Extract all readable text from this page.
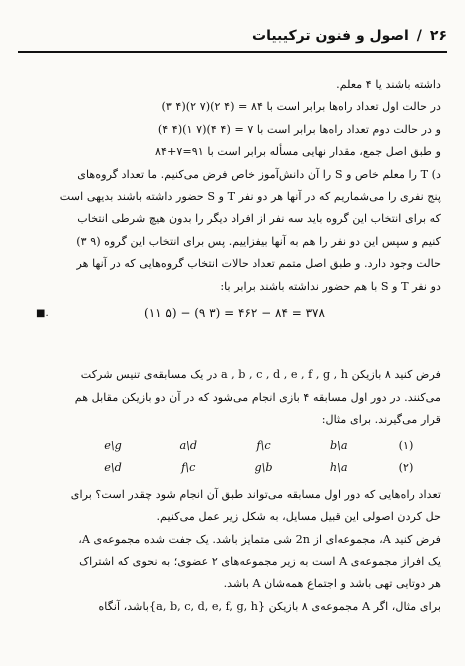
۲۶
/
اصول و فنون ترکیبیات

داشته باشند یا ۴ معلم.

در حالت اول تعداد راه‌ها برابر است با ۸۴ = (۴ ۲)(۷ ۲)(۴ ۳)

و در حالت دوم تعداد راه‌ها برابر است با ۷ = (۴ ۴)(۷ ۱)(۴ ۴)

و طبق اصل جمع، مقدار نهایی مسأله برابر است با ۹۱=۷+۸۴

د) T را معلم خاص و S را آن دانش‌آموز خاص فرض می‌کنیم. ما تعداد گروه‌های

پنج نفری را می‌شماریم که در آنها هر دو نفر T و S حضور داشته باشند بدیهی است

که برای انتخاب این گروه باید سه نفر از افراد دیگر را بدون هیچ شرطی انتخاب

کنیم و سپس این دو نفر را هم به آنها بیفزاییم. پس برای انتخاب این گروه (۹ ۳)

حالت وجود دارد. و طبق اصل متمم تعداد حالات انتخاب گروه‌هایی که در آنها هر

دو نفر T و S با هم حضور نداشته باشند برابر با:

(۱۱ ۵) − (۹ ۳) = ۴۶۲ − ۸۴ = ۳۷۸
■.

فرض کنید ۸ بازیکن a , b , c , d , e , f , g , h در یک مسابقه‌ی تنیس شرکت

می‌کنند. در دور اول مسابقه ۴ بازی انجام می‌شود که در آن دو بازیکن مقابل هم

قرار می‌گیرند. برای مثال:

(۱)
b\a
f\c
a\d
e\g
(۲)
h\a
g\b
f\c
e\d

تعداد راه‌هایی که دور اول مسابقه می‌تواند طبق آن انجام شود چقدر است؟ برای

حل کردن اصولی این قبیل مسایل، به شکل زیر عمل می‌کنیم.

فرض کنید A، مجموعه‌ای از 2n شی متمایز باشد. یک جفت شده مجموعه‌ی A،

یک افراز مجموعه‌ی A است به زیر مجموعه‌های ۲ عضوی؛ به نحوی که اشتراک

هر دوتایی تهی باشد و اجتماع همه‌شان A باشد.

برای مثال، اگر A مجموعه‌ی ۸ بازیکن {a, b, c, d, e, f, g, h}باشد، آنگاه
